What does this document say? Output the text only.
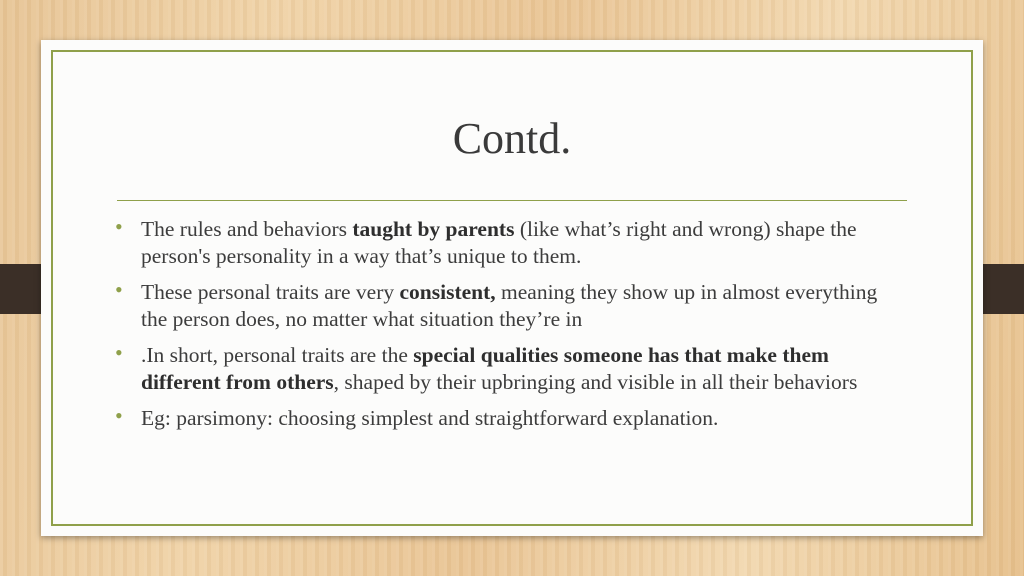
Contd.
• The rules and behaviors taught by parents (like what’s right and wrong) shape the person's personality in a way that’s unique to them.
• These personal traits are very consistent, meaning they show up in almost everything the person does, no matter what situation they’re in
• .In short, personal traits are the special qualities someone has that make them different from others, shaped by their upbringing and visible in all their behaviors
• Eg: parsimony: choosing simplest and straightforward explanation.
